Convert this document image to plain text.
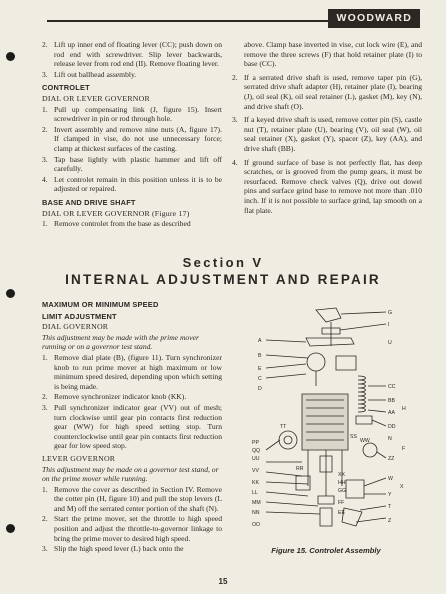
WOODWARD
2. Lift up inner end of floating lever (CC); push down on rod end with screwdriver. Slip lever backwards, release lever from rod end (II). Remove floating lever.
3. Lift out ballhead assembly.
CONTROLET
DIAL OR LEVER GOVERNOR
1. Pull up compensating link (J, figure 15). Insert screwdriver in pin or rod through hole.
2. Invert assembly and remove nine nuts (A, figure 17). If clamped in vise, do not use unnecessary force; clamp at thickest surfaces of the casting.
3. Tap base lightly with plastic hammer and lift off carefully.
4. Let controlet remain in this position unless it is to be adjusted or repaired.
BASE AND DRIVE SHAFT
DIAL OR LEVER GOVERNOR (Figure 17)
1. Remove controlet from the base as described
above. Clamp base inverted in vise, cut lock wire (E), and remove the three screws (F) that hold retainer plate (I) to base (CC).
2. If a serrated drive shaft is used, remove taper pin (G), serrated drive shaft adapter (H), retainer plate (I), bearing (J), oil seal (K), oil seal retainer (L), gasket (M), key (N), and drive shaft (O).
3. If a keyed drive shaft is used, remove cotter pin (S), castle nut (T), retainer plate (U), bearing (V), oil seal (W), oil seal retainer (X), gasket (Y), spacer (Z), key (AA), and drive shaft (BB).
4. If ground surface of base is not perfectly flat, has deep scratches, or is grooved from the pump gears, it must be resurfaced. Remove check valves (Q), drive out dowel pins and surface grind base to remove not more than .010 inch. If it is not possible to surface grind, lap smooth on a flat plate.
Section V
INTERNAL ADJUSTMENT AND REPAIR
MAXIMUM OR MINIMUM SPEED
LIMIT ADJUSTMENT
DIAL GOVERNOR
This adjustment may be made with the prime mover running or on a governor test stand.
1. Remove dial plate (B), (figure 11). Turn synchronizer knob to run prime mover at high maximum or low minimum speed desired, depending upon which setting is being made.
2. Remove synchronizer indicator knob (KK).
3. Pull synchronizer indicator gear (VV) out of mesh; turn clockwise until gear pin contacts first reduction gear (WW) for high speed setting stop. Turn counterclockwise until gear pin contacts first reduction gear for low speed stop.
LEVER GOVERNOR
This adjustment may be made on a governor test stand, or on the prime mover while running.
1. Remove the cover as described in Section IV. Remove the cotter pin (H, figure 10) and pull the stop levers (L and M) off the serrated center portion of the shaft (N).
2. Start the prime mover, set the throttle to high speed position and adjust the throttle-to-governor linkage to bring the prime mover to desired high speed.
3. Slip the high speed lever (L) back onto the
G
I
U
A
B
E
C
D	CC
BB
AA
DD
H
TT
PP
QQ
UU
SS
WW	N
VV
F
ZZ
XX
HH
KK
GG
LL
MM
NN
OO
W
Y
X
EE
Z
FF
RR
T
Figure 15. Controlet Assembly
15
